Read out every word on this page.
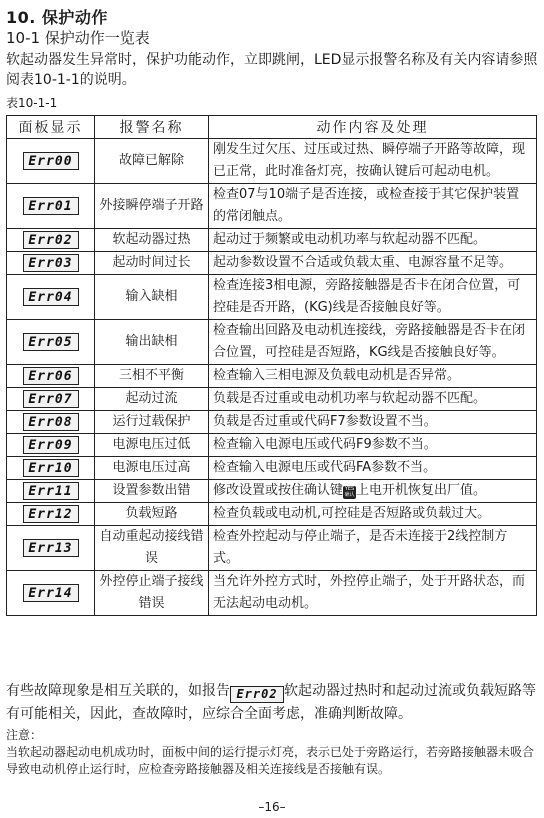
10. 保护动作
10-1 保护动作一览表
软起动器发生异常时，保护功能动作，立即跳闸，LED显示报警名称及有关内容请参照阅表10-1-1的说明。
表10-1-1
面板显示	报警名称	动作内容及处理
Err00	故障已解除	刚发生过欠压、过压或过热、瞬停端子开路等故障，现已正常，此时准备灯亮，按确认键后可起动电机。
Err01	外接瞬停端子开路	检查07与10端子是否连接，或检查接于其它保护装置的常闭触点。
Err02	软起动器过热	起动过于频繁或电动机功率与软起动器不匹配。
Err03	起动时间过长	起动参数设置不合适或负载太重、电源容量不足等。
Err04	输入缺相	检查连接3相电源，旁路接触器是否卡在闭合位置，可控硅是否开路，(KG)线是否接触良好等。
Err05	输出缺相	检查输出回路及电动机连接线，旁路接触器是否卡在闭合位置，可控硅是否短路，KG线是否接触良好等。
Err06	三相不平衡	检查输入三相电源及负载电动机是否异常。
Err07	起动过流	负载是否过重或电动机功率与软起动器不匹配。
Err08	运行过载保护	负载是否过重或代码F7参数设置不当。
Err09	电源电压过低	检查输入电源电压或代码F9参数不当。
Err10	电源电压过高	检查输入电源电压或代码FA参数不当。
Err11	设置参数出错	修改设置或按住确认键 YES确认 上电开机恢复出厂值。
Err12	负载短路	检查负载或电动机,可控硅是否短路或负载过大。
Err13	自动重起动接线错误	检查外控起动与停止端子，是否未连接于2线控制方式。
Err14	外控停止端子接线错误	当允许外控方式时，外控停止端子，处于开路状态，而无法起动电动机。
有些故障现象是相互关联的，如报告 Err02 软起动器过热时和起动过流或负载短路等有可能相关，因此，查故障时，应综合全面考虑，准确判断故障。
注意：
当软起动器起动电机成功时，面板中间的运行提示灯亮，表示已处于旁路运行，若旁路接触器未吸合导致电动机停止运行时，应检查旁路接触器及相关连接线是否接触有误。
–16–
